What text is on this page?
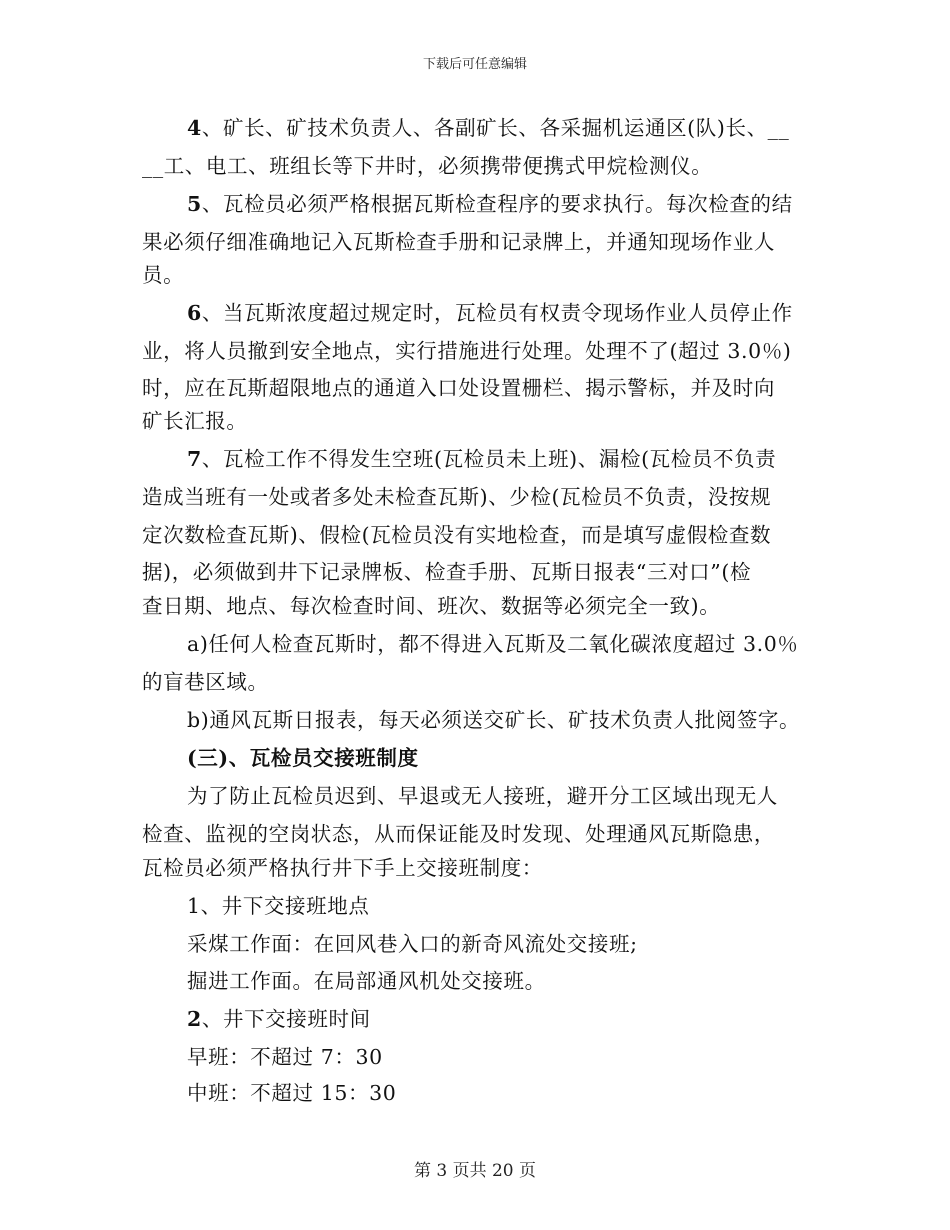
下载后可任意编辑
4、矿长、矿技术负责人、各副矿长、各采掘机运通区(队)长、__
__工、电工、班组长等下井时，必须携带便携式甲烷检测仪。
5、瓦检员必须严格根据瓦斯检查程序的要求执行。每次检查的结
果必须仔细准确地记入瓦斯检查手册和记录牌上，并通知现场作业人
员。
6、当瓦斯浓度超过规定时，瓦检员有权责令现场作业人员停止作
业，将人员撤到安全地点，实行措施进行处理。处理不了(超过 3.0％)
时，应在瓦斯超限地点的通道入口处设置栅栏、揭示警标，并及时向
矿长汇报。
7、瓦检工作不得发生空班(瓦检员未上班)、漏检(瓦检员不负责
造成当班有一处或者多处未检查瓦斯)、少检(瓦检员不负责，没按规
定次数检查瓦斯)、假检(瓦检员没有实地检查，而是填写虚假检查数
据)，必须做到井下记录牌板、检查手册、瓦斯日报表“三对口”(检
查日期、地点、每次检查时间、班次、数据等必须完全一致)。
a)任何人检查瓦斯时，都不得进入瓦斯及二氧化碳浓度超过 3.0％
的盲巷区域。
b)通风瓦斯日报表，每天必须送交矿长、矿技术负责人批阅签字。
(三)、瓦检员交接班制度
为了防止瓦检员迟到、早退或无人接班，避开分工区域出现无人
检查、监视的空岗状态，从而保证能及时发现、处理通风瓦斯隐患，
瓦检员必须严格执行井下手上交接班制度：
1、井下交接班地点
采煤工作面：在回风巷入口的新奇风流处交接班;
掘进工作面。在局部通风机处交接班。
2、井下交接班时间
早班：不超过 7：30
中班：不超过 15：30
第 3 页共 20 页
